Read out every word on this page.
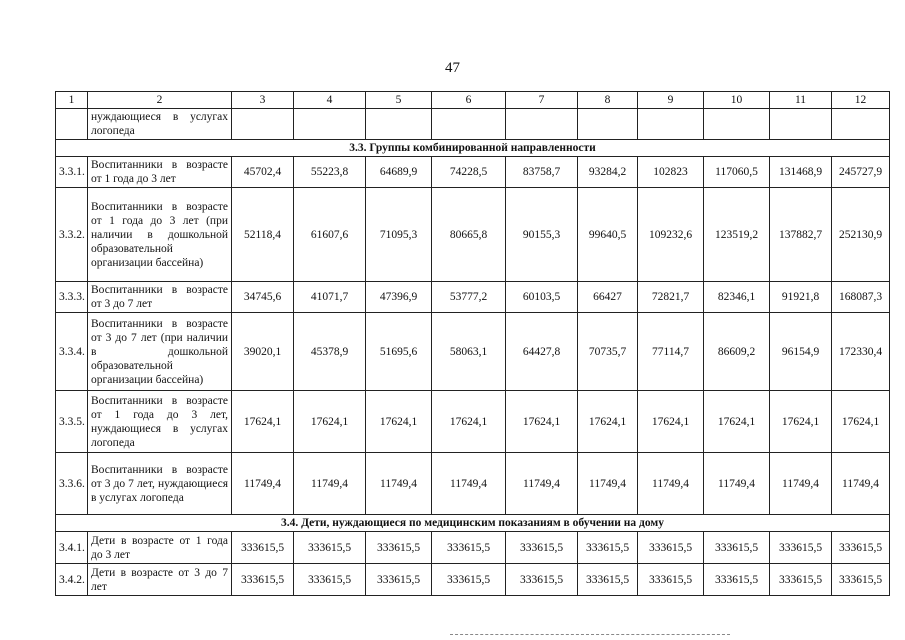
47
1	2	3	4	5	6	7	8	9	10	11	12
	нуждающиеся в услугах логопеда										
3.3. Группы комбинированной направленности											
3.3.1.	Воспитанники в возрасте от 1 года до 3 лет	45702,4	55223,8	64689,9	74228,5	83758,7	93284,2	102823	117060,5	131468,9	245727,9
3.3.2.	Воспитанники в возрасте от 1 года до 3 лет (при наличии в дошкольной образовательной организации бассейна)	52118,4	61607,6	71095,3	80665,8	90155,3	99640,5	109232,6	123519,2	137882,7	252130,9
3.3.3.	Воспитанники в возрасте от 3 до 7 лет	34745,6	41071,7	47396,9	53777,2	60103,5	66427	72821,7	82346,1	91921,8	168087,3
3.3.4.	Воспитанники в возрасте от 3 до 7 лет (при наличии в дошкольной образовательной организации бассейна)	39020,1	45378,9	51695,6	58063,1	64427,8	70735,7	77114,7	86609,2	96154,9	172330,4
3.3.5.	Воспитанники в возрасте от 1 года до 3 лет, нуждающиеся в услугах логопеда	17624,1	17624,1	17624,1	17624,1	17624,1	17624,1	17624,1	17624,1	17624,1	17624,1
3.3.6.	Воспитанники в возрасте от 3 до 7 лет, нуждающиеся в услугах логопеда	11749,4	11749,4	11749,4	11749,4	11749,4	11749,4	11749,4	11749,4	11749,4	11749,4
3.4. Дети, нуждающиеся по медицинским показаниям в обучении на дому											
3.4.1.	Дети в возрасте от 1 года до 3 лет	333615,5	333615,5	333615,5	333615,5	333615,5	333615,5	333615,5	333615,5	333615,5	333615,5
3.4.2.	Дети в возрасте от 3 до 7 лет	333615,5	333615,5	333615,5	333615,5	333615,5	333615,5	333615,5	333615,5	333615,5	333615,5
